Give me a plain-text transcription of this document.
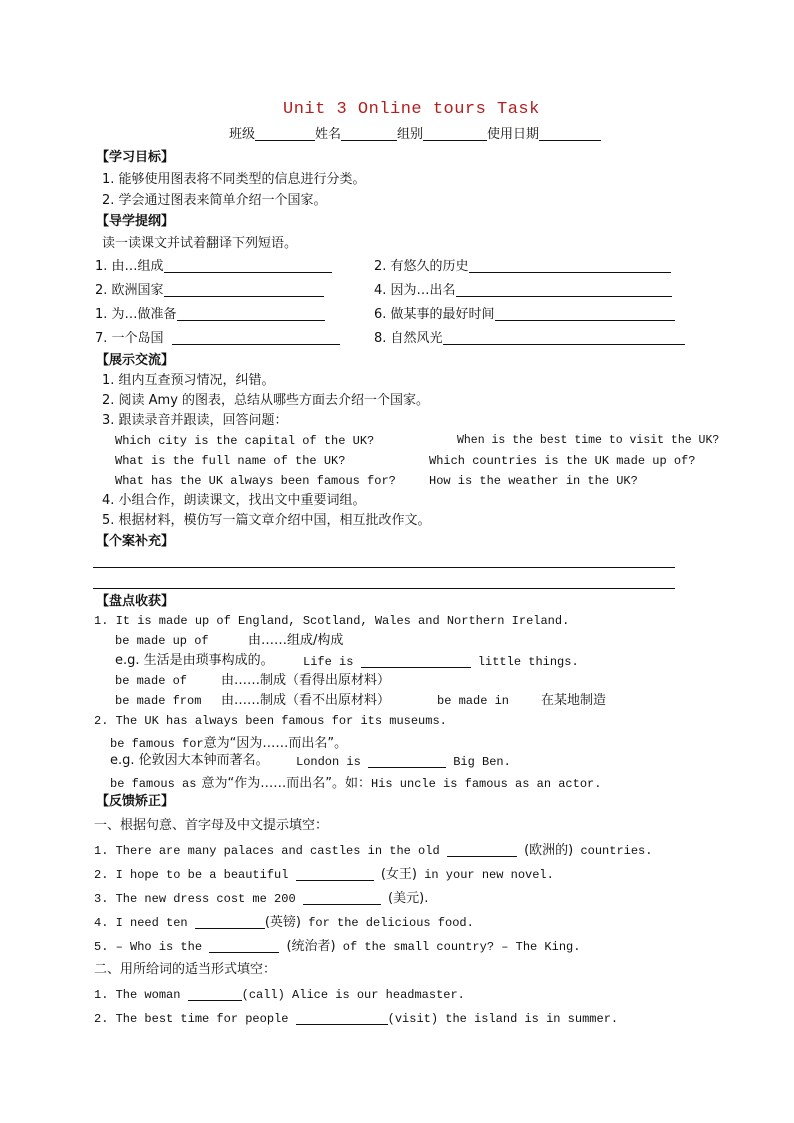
Unit 3 Online tours Task
班级	姓名	组别	使用日期
【学习目标】
1. 能够使用图表将不同类型的信息进行分类。
2. 学会通过图表来简单介绍一个国家。
【导学提纲】
读一读课文并试着翻译下列短语。
1. 由…组成	2. 有悠久的历史
2. 欧洲国家	4. 因为…出名
1. 为…做准备	6. 做某事的最好时间
7. 一个岛国	8. 自然风光
【展示交流】
1. 组内互查预习情况，纠错。
2. 阅读 Amy 的图表，总结从哪些方面去介绍一个国家。
3. 跟读录音并跟读，回答问题：
Which city is the capital of the UK?	When is the best time to visit the UK?
What is the full name of the UK?	Which countries is the UK made up of?
What has the UK always been famous for?	How is the weather in the UK?
4. 小组合作，朗读课文，找出文中重要词组。
5. 根据材料，模仿写一篇文章介绍中国，相互批改作文。
【个案补充】
【盘点收获】
1. It is made up of England, Scotland, Wales and Northern Ireland.
be made up of	由……组成/构成
e.g. 生活是由琐事构成的。 Life is	little things.
be made of	由……制成（看得出原材料）
be made from 由……制成（看不出原材料）	be made in 在某地制造
2. The UK has always been famous for its museums.
be famous for意为“因为……而出名”。
e.g. 伦敦因大本钟而著名。 London is	Big Ben.
be famous as 意为“作为……而出名”。如：His uncle is famous as an actor.
【反馈矫正】
一、根据句意、首字母及中文提示填空：
1. There are many palaces and castles in the old	(欧洲的) countries.
2. I hope to be a beautiful	(女王) in your new novel.
3. The new dress cost me 200	(美元).
4. I need ten	(英镑) for the delicious food.
5. – Who is the	(统治者) of the small country? – The King.
二、用所给词的适当形式填空：
1. The woman	(call) Alice is our headmaster.
2. The best time for people	(visit) the island is in summer.
